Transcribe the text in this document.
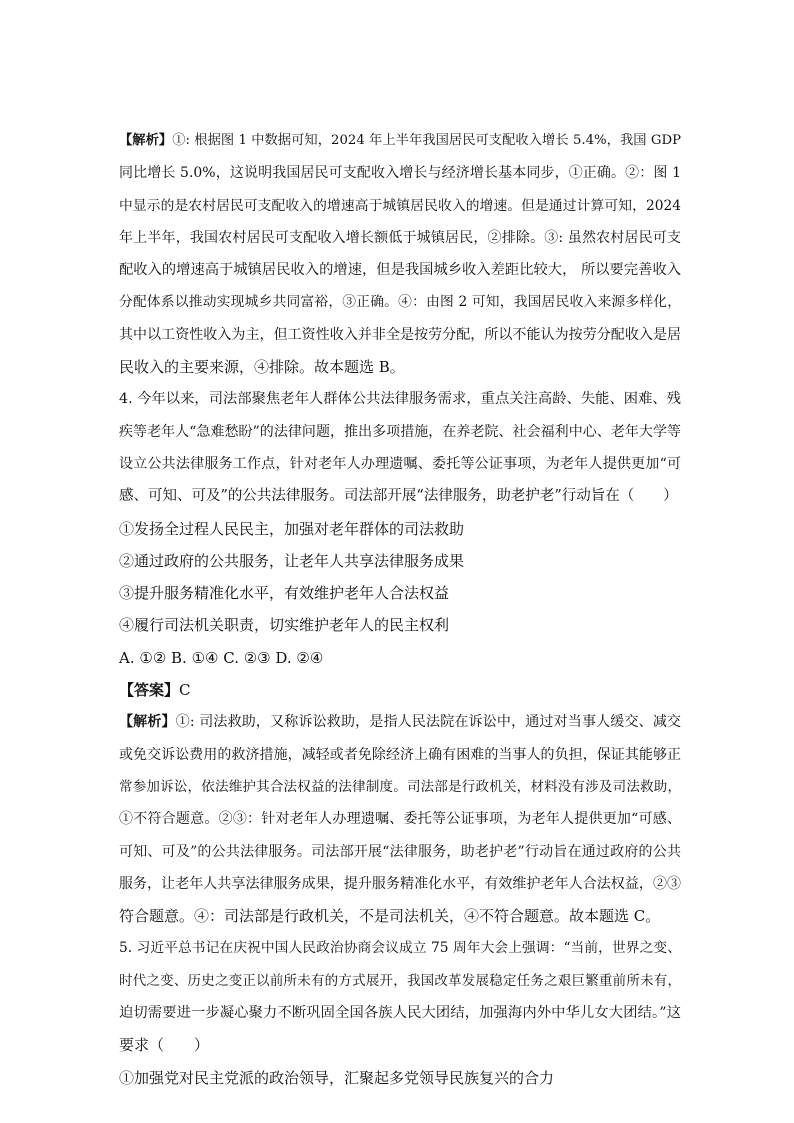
【解析】①: 根据图 1 中数据可知，2024 年上半年我国居民可支配收入增长 5.4%，我国 GDP
同比增长 5.0%，这说明我国居民可支配收入增长与经济增长基本同步，①正确。②：图 1
中显示的是农村居民可支配收入的增速高于城镇居民收入的增速。但是通过计算可知，2024
年上半年，我国农村居民可支配收入增长额低于城镇居民，②排除。③: 虽然农村居民可支
配收入的增速高于城镇居民收入的增速，但是我国城乡收入差距比较大， 所以要完善收入
分配体系以推动实现城乡共同富裕，③正确。④：由图 2 可知，我国居民收入来源多样化，
其中以工资性收入为主，但工资性收入并非全是按劳分配，所以不能认为按劳分配收入是居
民收入的主要来源，④排除。故本题选 B。
4. 今年以来，司法部聚焦老年人群体公共法律服务需求，重点关注高龄、失能、困难、残
疾等老年人“急难愁盼”的法律问题，推出多项措施，在养老院、社会福利中心、老年大学等
设立公共法律服务工作点，针对老年人办理遗嘱、委托等公证事项，为老年人提供更加“可
感、可知、可及”的公共法律服务。司法部开展“法律服务，助老护老”行动旨在（　　）
①发扬全过程人民民主，加强对老年群体的司法救助
②通过政府的公共服务，让老年人共享法律服务成果
③提升服务精准化水平，有效维护老年人合法权益
④履行司法机关职责，切实维护老年人的民主权利
A. ①② B. ①④ C. ②③ D. ②④
【答案】C
【解析】①: 司法救助，又称诉讼救助，是指人民法院在诉讼中，通过对当事人缓交、减交
或免交诉讼费用的救济措施，减轻或者免除经济上确有困难的当事人的负担，保证其能够正
常参加诉讼，依法维护其合法权益的法律制度。司法部是行政机关，材料没有涉及司法救助，
①不符合题意。②③：针对老年人办理遗嘱、委托等公证事项，为老年人提供更加“可感、
可知、可及”的公共法律服务。司法部开展“法律服务，助老护老”行动旨在通过政府的公共
服务，让老年人共享法律服务成果，提升服务精准化水平，有效维护老年人合法权益，②③
符合题意。④：司法部是行政机关，不是司法机关，④不符合题意。故本题选 C。
5. 习近平总书记在庆祝中国人民政治协商会议成立 75 周年大会上强调：“当前，世界之变、
时代之变、历史之变正以前所未有的方式展开，我国改革发展稳定任务之艰巨繁重前所未有，
迫切需要进一步凝心聚力不断巩固全国各族人民大团结，加强海内外中华儿女大团结。”这
要求（　　）
①加强党对民主党派的政治领导，汇聚起多党领导民族复兴的合力
